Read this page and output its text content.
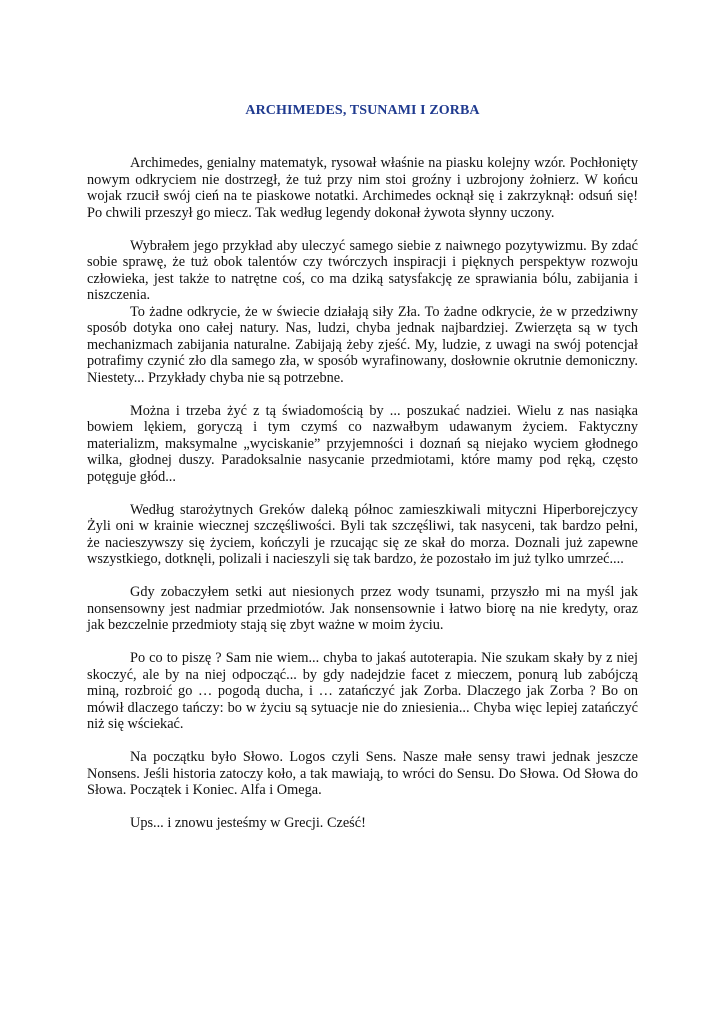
ARCHIMEDES, TSUNAMI I ZORBA

Archimedes, genialny matematyk, rysował właśnie na piasku kolejny wzór. Pochłonięty nowym odkryciem nie dostrzegł, że tuż przy nim stoi groźny i uzbrojony żołnierz. W końcu wojak rzucił swój cień na te piaskowe notatki. Archimedes ocknął się i zakrzyknął: odsuń się! Po chwili przeszył go miecz. Tak według legendy dokonał żywota słynny uczony.

Wybrałem jego przykład aby uleczyć samego siebie z naiwnego pozytywizmu. By zdać sobie sprawę, że tuż obok talentów czy twórczych inspiracji i pięknych perspektyw rozwoju człowieka, jest także to natrętne coś, co ma dziką satysfakcję ze sprawiania bólu, zabijania i niszczenia.

To żadne odkrycie, że w świecie działają siły Zła. To żadne odkrycie, że w przedziwny sposób dotyka ono całej natury. Nas, ludzi, chyba jednak najbardziej. Zwierzęta są w tych mechanizmach zabijania naturalne. Zabijają żeby zjeść. My, ludzie, z uwagi na swój potencjał potrafimy czynić zło dla samego zła, w sposób wyrafinowany, dosłownie okrutnie demoniczny. Niestety... Przykłady chyba nie są potrzebne.

Można i trzeba żyć z tą świadomością by ... poszukać nadziei. Wielu z nas nasiąka bowiem lękiem, goryczą i tym czymś co nazwałbym udawanym życiem. Faktyczny materializm, maksymalne „wyciskanie” przyjemności i doznań są niejako wyciem głodnego wilka, głodnej duszy. Paradoksalnie nasycanie przedmiotami, które mamy pod ręką, często potęguje głód...

Według starożytnych Greków daleką północ zamieszkiwali mityczni Hiperborejczycy Żyli oni w krainie wiecznej szczęśliwości. Byli tak szczęśliwi, tak nasyceni, tak bardzo pełni, że nacieszywszy się życiem, kończyli je rzucając się ze skał do morza. Doznali już zapewne wszystkiego, dotknęli, polizali i nacieszyli się tak bardzo, że pozostało im już tylko umrzeć....

Gdy zobaczyłem setki aut niesionych przez wody tsunami, przyszło mi na myśl jak nonsensowny jest nadmiar przedmiotów. Jak nonsensownie i łatwo biorę na nie kredyty, oraz jak bezczelnie przedmioty stają się zbyt ważne w moim życiu.

Po co to piszę ? Sam nie wiem... chyba to jakaś autoterapia. Nie szukam skały by z niej skoczyć, ale by na niej odpocząć... by gdy nadejdzie facet z mieczem, ponurą lub zabójczą miną, rozbroić go … pogodą ducha, i … zatańczyć jak Zorba. Dlaczego jak Zorba ? Bo on mówił dlaczego tańczy: bo w życiu są sytuacje nie do zniesienia... Chyba więc lepiej zatańczyć niż się wściekać.

Na początku było Słowo. Logos czyli Sens. Nasze małe sensy trawi jednak jeszcze Nonsens. Jeśli historia zatoczy koło, a tak mawiają, to wróci do Sensu. Do Słowa. Od Słowa do Słowa. Początek i Koniec. Alfa i Omega.

Ups... i znowu jesteśmy w Grecji. Cześć!
